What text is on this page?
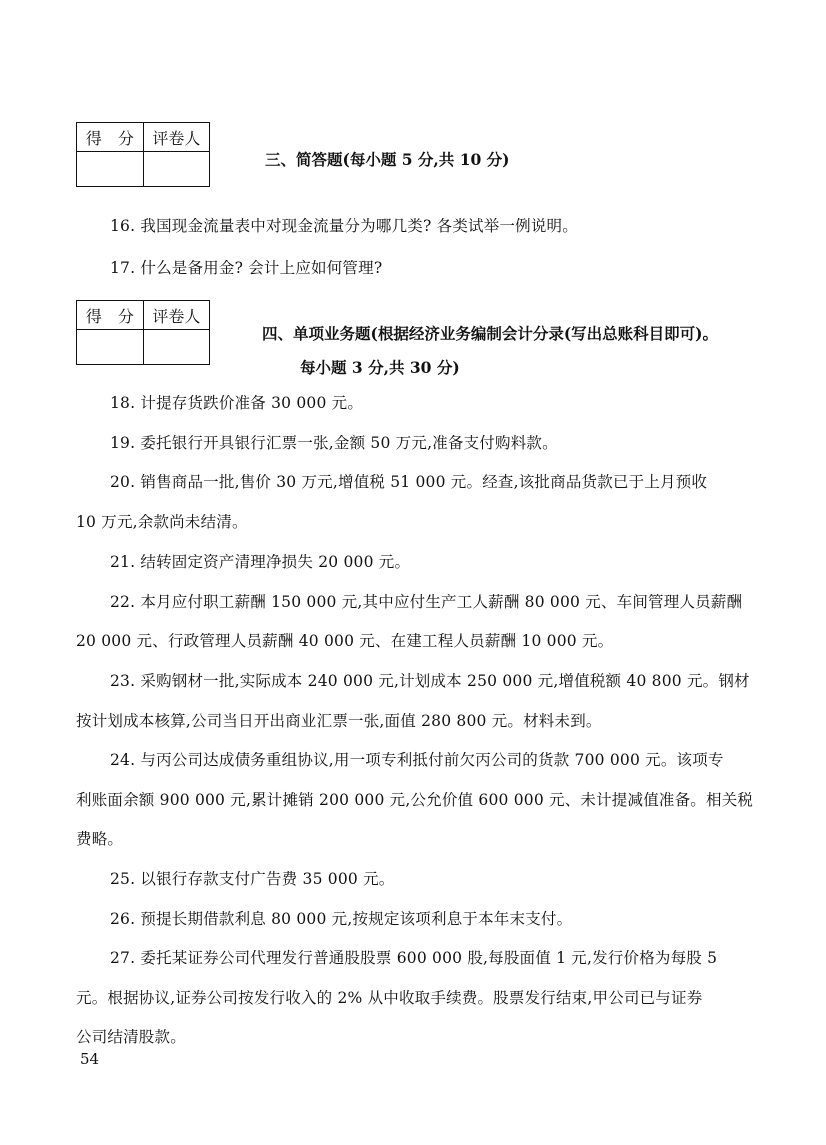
得　分	评卷人

三、简答题(每小题 5 分,共 10 分)
16. 我国现金流量表中对现金流量分为哪几类? 各类试举一例说明。
17. 什么是备用金? 会计上应如何管理?
得　分	评卷人

四、单项业务题(根据经济业务编制会计分录(写出总账科目即可)。
每小题 3 分,共 30 分)
18. 计提存货跌价准备 30 000 元。
19. 委托银行开具银行汇票一张,金额 50 万元,准备支付购料款。
20. 销售商品一批,售价 30 万元,增值税 51 000 元。经查,该批商品货款已于上月预收
10 万元,余款尚未结清。
21. 结转固定资产清理净损失 20 000 元。
22. 本月应付职工薪酬 150 000 元,其中应付生产工人薪酬 80 000 元、车间管理人员薪酬
20 000 元、行政管理人员薪酬 40 000 元、在建工程人员薪酬 10 000 元。
23. 采购钢材一批,实际成本 240 000 元,计划成本 250 000 元,增值税额 40 800 元。钢材
按计划成本核算,公司当日开出商业汇票一张,面值 280 800 元。材料未到。
24. 与丙公司达成债务重组协议,用一项专利抵付前欠丙公司的货款 700 000 元。该项专
利账面余额 900 000 元,累计摊销 200 000 元,公允价值 600 000 元、未计提减值准备。相关税
费略。
25. 以银行存款支付广告费 35 000 元。
26. 预提长期借款利息 80 000 元,按规定该项利息于本年末支付。
27. 委托某证券公司代理发行普通股股票 600 000 股,每股面值 1 元,发行价格为每股 5
元。根据协议,证券公司按发行收入的 2% 从中收取手续费。股票发行结束,甲公司已与证券
公司结清股款。
54
